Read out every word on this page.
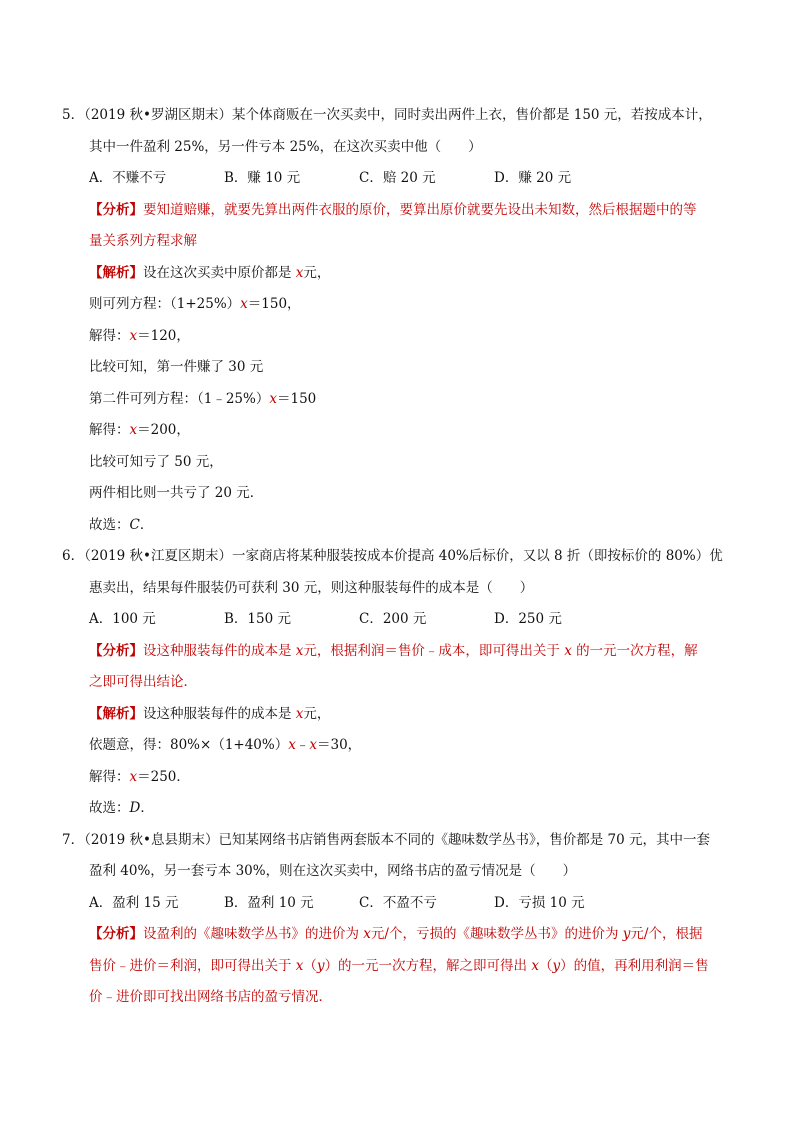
5．（2019 秋•罗湖区期末）某个体商贩在一次买卖中，同时卖出两件上衣，售价都是 150 元，若按成本计，
其中一件盈利 25%，另一件亏本 25%，在这次买卖中他（　　）
A．不赚不亏	B．赚 10 元	C．赔 20 元	D．赚 20 元
【分析】要知道赔赚，就要先算出两件衣服的原价，要算出原价就要先设出未知数，然后根据题中的等
量关系列方程求解
【解析】设在这次买卖中原价都是 x元，
则可列方程：（1+25%）x＝150，
解得：x＝120，
比较可知，第一件赚了 30 元
第二件可列方程：（1﹣25%）x＝150
解得：x＝200，
比较可知亏了 50 元，
两件相比则一共亏了 20 元．
故选：C．
6．（2019 秋•江夏区期末）一家商店将某种服装按成本价提高 40%后标价，又以 8 折（即按标价的 80%）优
惠卖出，结果每件服装仍可获利 30 元，则这种服装每件的成本是（　　）
A．100 元	B．150 元	C．200 元	D．250 元
【分析】设这种服装每件的成本是 x元，根据利润＝售价﹣成本，即可得出关于 x 的一元一次方程，解
之即可得出结论．
【解析】设这种服装每件的成本是 x元，
依题意，得：80%×（1+40%）x﹣x＝30，
解得：x＝250．
故选：D．
7．（2019 秋•息县期末）已知某网络书店销售两套版本不同的《趣味数学丛书》，售价都是 70 元，其中一套
盈利 40%，另一套亏本 30%，则在这次买卖中，网络书店的盈亏情况是（　　）
A．盈利 15 元	B．盈利 10 元	C．不盈不亏	D．亏损 10 元
【分析】设盈利的《趣味数学丛书》的进价为 x元/个，亏损的《趣味数学丛书》的进价为 y元/个，根据
售价﹣进价＝利润，即可得出关于 x（y）的一元一次方程，解之即可得出 x（y）的值，再利用利润＝售
价﹣进价即可找出网络书店的盈亏情况．
